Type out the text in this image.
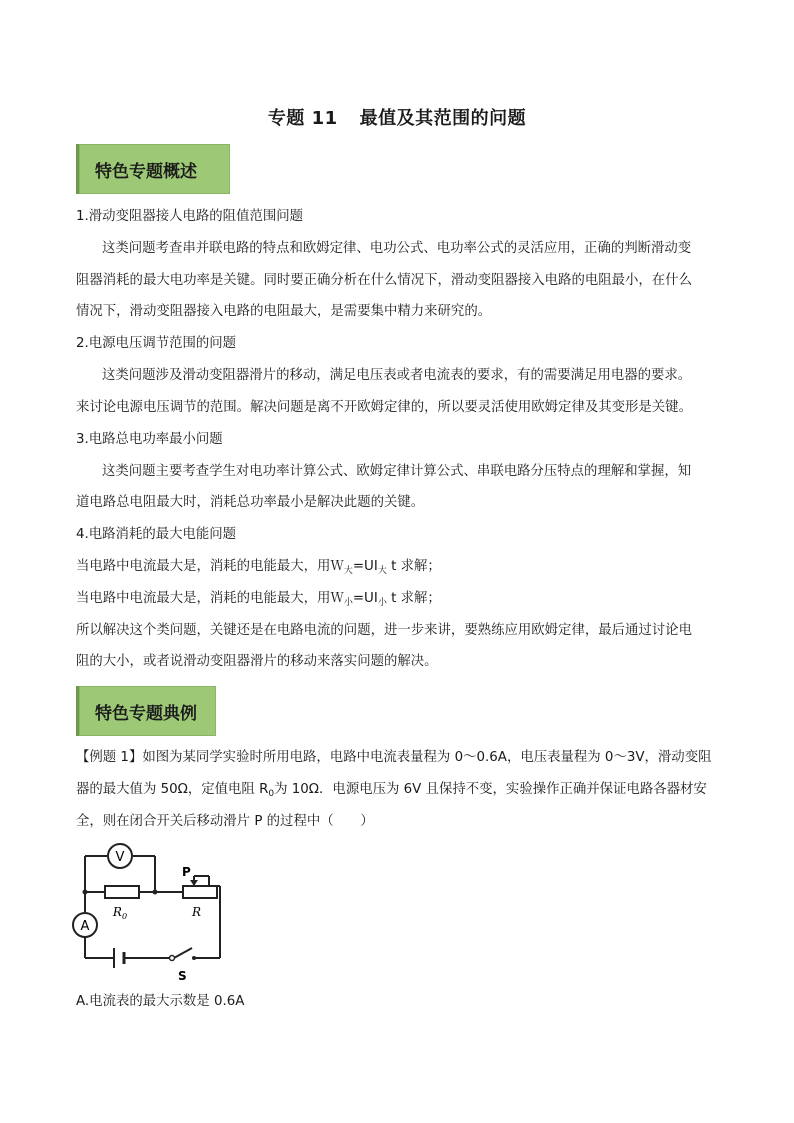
专题 11 最值及其范围的问题
特色专题概述
1.滑动变阻器接人电路的阻值范围问题
这类问题考查串并联电路的特点和欧姆定律、电功公式、电功率公式的灵活应用，正确的判断滑动变
阻器消耗的最大电功率是关键。同时要正确分析在什么情况下，滑动变阻器接入电路的电阻最小，在什么
情况下，滑动变阻器接入电路的电阻最大，是需要集中精力来研究的。
2.电源电压调节范围的问题
这类问题涉及滑动变阻器滑片的移动，满足电压表或者电流表的要求，有的需要满足用电器的要求。
来讨论电源电压调节的范围。解决问题是离不开欧姆定律的，所以要灵活使用欧姆定律及其变形是关键。
3.电路总电功率最小问题
这类问题主要考查学生对电功率计算公式、欧姆定律计算公式、串联电路分压特点的理解和掌握，知
道电路总电阻最大时，消耗总功率最小是解决此题的关键。
4.电路消耗的最大电能问题
当电路中电流最大是，消耗的电能最大，用$W_大=UI_大$ t 求解；
当电路中电流最大是，消耗的电能最大，用$W_小=UI_小$ t 求解；
所以解决这个类问题，关键还是在电路电流的问题，进一步来讲，要熟练应用欧姆定律，最后通过讨论电
阻的大小，或者说滑动变阻器滑片的移动来落实问题的解决。
特色专题典例
【例题 1】如图为某同学实验时所用电路，电路中电流表量程为 0～0.6A，电压表量程为 0～3V，滑动变阻
器的最大值为 50Ω，定值电阻 $R_0$为 10Ω．电源电压为 6V 且保持不变，实验操作正确并保证电路各器材安
全，则在闭合开关后移动滑片 P 的过程中（　　）
V
P
$R_0$	R
A
S
A.电流表的最大示数是 0.6A
